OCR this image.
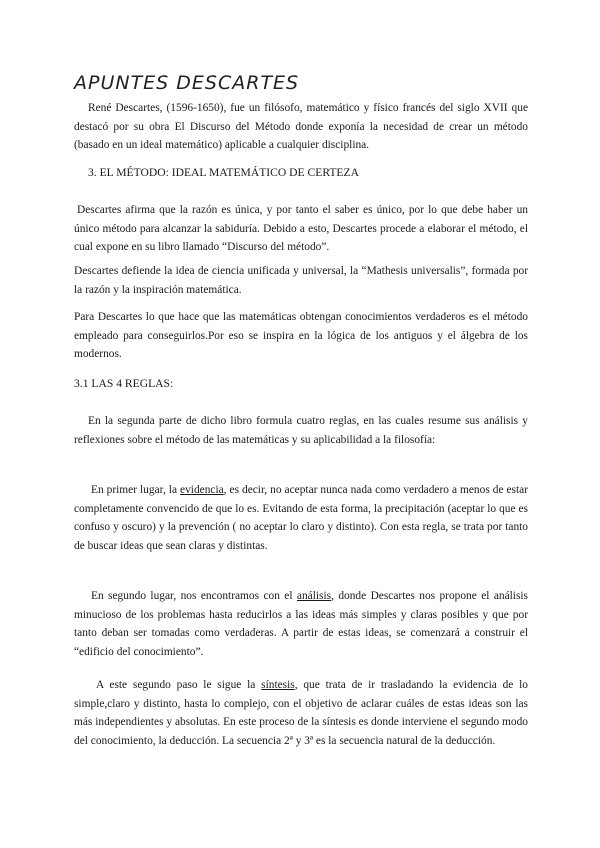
APUNTES DESCARTES

René Descartes, (1596-1650), fue un filósofo, matemático y físico francés del siglo XVII que destacó por su obra El Discurso del Método donde exponía la necesidad de crear un método (basado en un ideal matemático) aplicable a cualquier disciplina.

3. EL MÉTODO: IDEAL MATEMÁTICO DE CERTEZA

Descartes afirma que la razón es única, y por tanto el saber es único, por lo que debe haber un único método para alcanzar la sabiduría. Debido a esto, Descartes procede a elaborar el método, el cual expone en su libro llamado “Discurso del método”.

Descartes defiende la idea de ciencia unificada y universal, la “Mathesis universalis”, formada por la razón y la inspiración matemática.

Para Descartes lo que hace que las matemáticas obtengan conocimientos verdaderos es el método empleado para conseguirlos.Por eso se inspira en la lógica de los antiguos y el álgebra de los modernos.

3.1 LAS 4 REGLAS:

En la segunda parte de dicho libro formula cuatro reglas, en las cuales resume sus análisis y reflexiones sobre el método de las matemáticas y su aplicabilidad a la filosofía:

En primer lugar, la evidencia, es decir, no aceptar nunca nada como verdadero a menos de estar completamente convencido de que lo es. Evitando de esta forma, la precipitación (aceptar lo que es confuso y oscuro) y la prevención ( no aceptar lo claro y distinto). Con esta regla, se trata por tanto de buscar ideas que sean claras y distintas.

En segundo lugar, nos encontramos con el análisis, donde Descartes nos propone el análisis minucioso de los problemas hasta reducirlos a las ideas más simples y claras posibles y que por tanto deban ser tomadas como verdaderas. A partir de estas ideas, se comenzará a construir el “edificio del conocimiento”.

A este segundo paso le sigue la síntesis, que trata de ir trasladando la evidencia de lo simple,claro y distinto, hasta lo complejo, con el objetivo de aclarar cuáles de estas ideas son las más independientes y absolutas. En este proceso de la síntesis es donde interviene el segundo modo del conocimiento, la deducción. La secuencia 2ª y 3ª es la secuencia natural de la deducción.
